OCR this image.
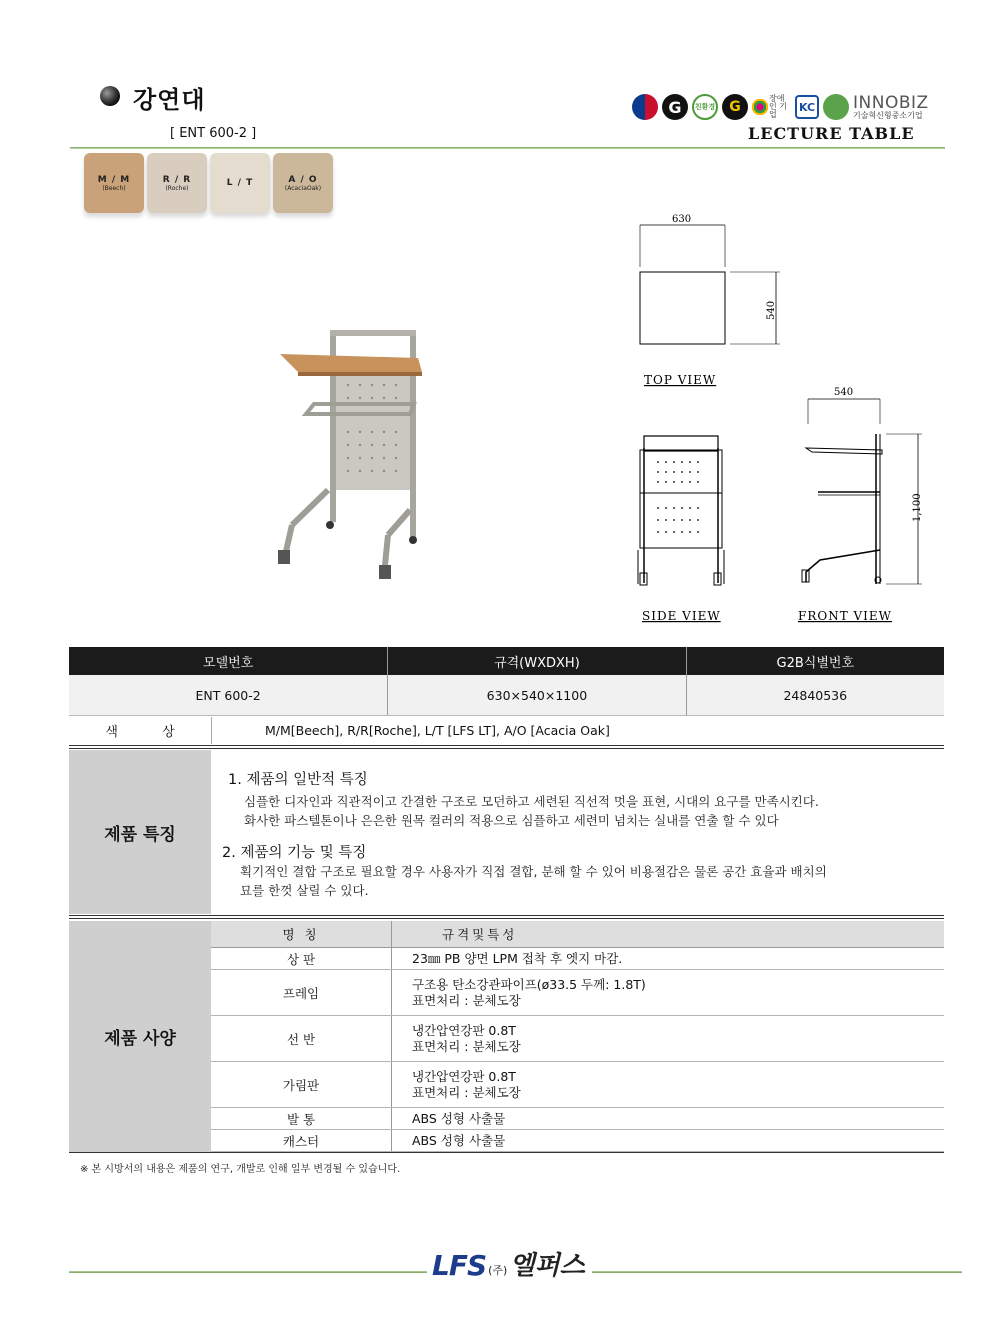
강연대
[ ENT 600-2 ]
G	친환경	G
장애인 기업
KC INNOBIZ
기술혁신형중소기업
LECTURE TABLE
M / M
(Beech)
R / R
(Roche)	L / T	A / O
(AcaciaOak)
630
540
TOP VIEW
SIDE VIEW
540
1,100
FRONT VIEW
모델번호	규격(WXDXH)	G2B식별번호
ENT 600-2	630×540×1100	24840536
색 상	M/M[Beech], R/R[Roche], L/T [LFS LT], A/O [Acacia Oak]
제품 특징
1. 제품의 일반적 특징
심플한 디자인과 직관적이고 간결한 구조로 모던하고 세련된 직선적 멋을 표현, 시대의 요구를 만족시킨다.
화사한 파스텔톤이나 은은한 원목 컬러의 적용으로 심플하고 세련미 넘치는 실내를 연출 할 수 있다
2. 제품의 기능 및 특징
획기적인 결합 구조로 필요할 경우 사용자가 직접 결합, 분해 할 수 있어 비용절감은 물론 공간 효율과 배치의
묘를 한껏 살릴 수 있다.
제품 사양
명 칭	규격및특성
상 판	23㎜ PB 양면 LPM 접착 후 엣지 마감.

프레임	구조용 탄소강관파이프(ø33.5 두께: 1.8T)
표면처리 : 분체도장

선 반	냉간압연강판 0.8T
표면처리 : 분체도장

가림판	냉간압연강판 0.8T
표면처리 : 분체도장

발 통	ABS 성형 사출물

캐스터	ABS 성형 사출물
※ 본 시방서의 내용은 제품의 연구, 개발로 인해 일부 변경될 수 있습니다.
LFS (주) 엘퍼스
